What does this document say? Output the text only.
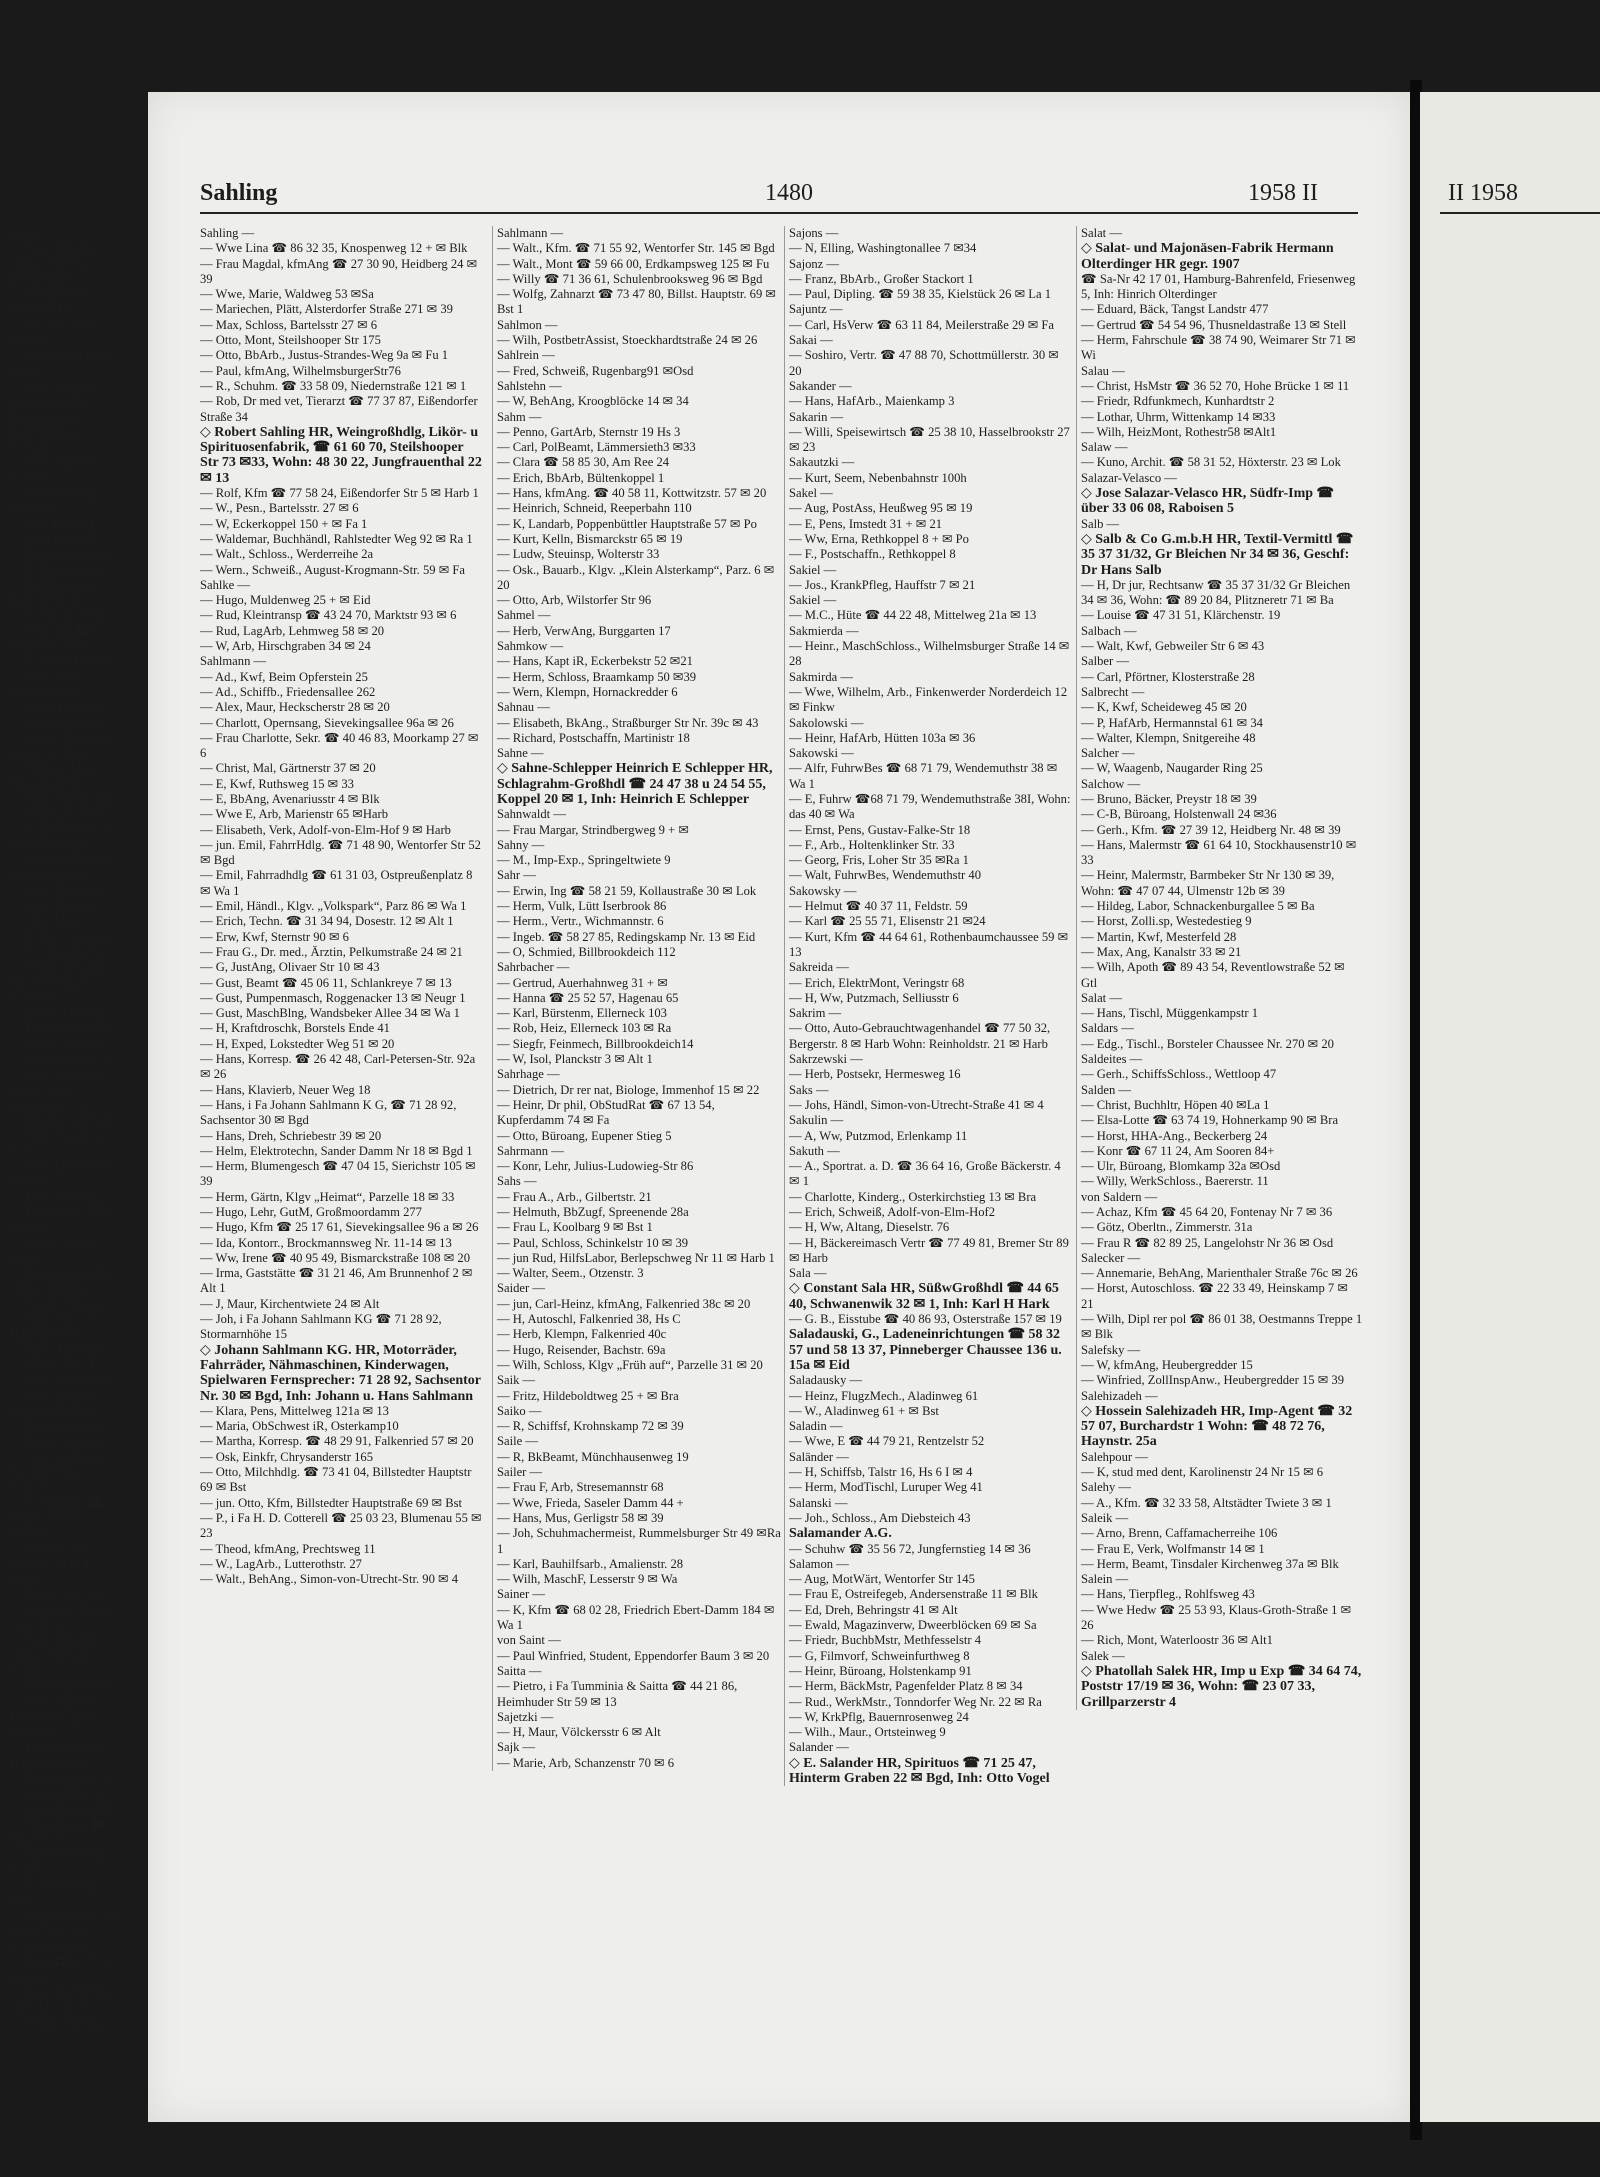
Sahling	1480	1958 II	II 1958
Sahling —
— Wwe Lina ☎ 86 32 35, Knospenweg 12 + ✉ Blk
— Frau Magdal, kfmAng ☎ 27 30 90, Heidberg 24 ✉ 39
— Wwe, Marie, Waldweg 53 ✉Sa
— Mariechen, Plätt, Alsterdorfer Straße 271 ✉ 39
— Max, Schloss, Bartelsstr 27 ✉ 6
— Otto, Mont, Steilshooper Str 175
— Otto, BbArb., Justus-Strandes-Weg 9a ✉ Fu 1
— Paul, kfmAng, WilhelmsburgerStr76
— R., Schuhm. ☎ 33 58 09, Niedernstraße 121 ✉ 1
— Rob, Dr med vet, Tierarzt ☎ 77 37 87, Eißendorfer Straße 34
◇ Robert Sahling HR, Weingroßhdlg, Likör- u Spirituosenfabrik, ☎ 61 60 70, Steilshooper Str 73 ✉33, Wohn: 48 30 22, Jungfrauenthal 22 ✉ 13
— Rolf, Kfm ☎ 77 58 24, Eißendorfer Str 5 ✉ Harb 1
— W., Pesn., Bartelsstr. 27 ✉ 6
— W, Eckerkoppel 150 + ✉ Fa 1
— Waldemar, Buchhändl, Rahlstedter Weg 92 ✉ Ra 1
— Walt., Schloss., Werderreihe 2a
— Wern., Schweiß., August-Krogmann-Str. 59 ✉ Fa
Sahlke —
— Hugo, Muldenweg 25 + ✉ Eid
— Rud, Kleintransp ☎ 43 24 70, Marktstr 93 ✉ 6
— Rud, LagArb, Lehmweg 58 ✉ 20
— W, Arb, Hirschgraben 34 ✉ 24
Sahlmann —
— Ad., Kwf, Beim Opferstein 25
— Ad., Schiffb., Friedensallee 262
— Alex, Maur, Heckscherstr 28 ✉ 20
— Charlott, Opernsang, Sievekingsallee 96a ✉ 26
— Frau Charlotte, Sekr. ☎ 40 46 83, Moorkamp 27 ✉ 6
— Christ, Mal, Gärtnerstr 37 ✉ 20
— E, Kwf, Ruthsweg 15 ✉ 33
— E, BbAng, Avenariusstr 4 ✉ Blk
— Wwe E, Arb, Marienstr 65 ✉Harb
— Elisabeth, Verk, Adolf-von-Elm-Hof 9 ✉ Harb
— jun. Emil, FahrrHdlg. ☎ 71 48 90, Wentorfer Str 52 ✉ Bgd
— Emil, Fahrradhdlg ☎ 61 31 03, Ostpreußenplatz 8 ✉ Wa 1
— Emil, Händl., Klgv. „Volkspark“, Parz 86 ✉ Wa 1
— Erich, Techn. ☎ 31 34 94, Dosestr. 12 ✉ Alt 1
— Erw, Kwf, Sternstr 90 ✉ 6
— Frau G., Dr. med., Ärztin, Pelkumstraße 24 ✉ 21
— G, JustAng, Olivaer Str 10 ✉ 43
— Gust, Beamt ☎ 45 06 11, Schlankreye 7 ✉ 13
— Gust, Pumpenmasch, Roggenacker 13 ✉ Neugr 1
— Gust, MaschBlng, Wandsbeker Allee 34 ✉ Wa 1
— H, Kraftdroschk, Borstels Ende 41
— H, Exped, Lokstedter Weg 51 ✉ 20
— Hans, Korresp. ☎ 26 42 48, Carl-Petersen-Str. 92a ✉ 26
— Hans, Klavierb, Neuer Weg 18
— Hans, i Fa Johann Sahlmann K G, ☎ 71 28 92, Sachsentor 30 ✉ Bgd
— Hans, Dreh, Schriebestr 39 ✉ 20
— Helm, Elektrotechn, Sander Damm Nr 18 ✉ Bgd 1
— Herm, Blumengesch ☎ 47 04 15, Sierichstr 105 ✉ 39
— Herm, Gärtn, Klgv „Heimat“, Parzelle 18 ✉ 33
— Hugo, Lehr, GutM, Großmoordamm 277
— Hugo, Kfm ☎ 25 17 61, Sievekingsallee 96 a ✉ 26
— Ida, Kontorr., Brockmannsweg Nr. 11-14 ✉ 13
— Ww, Irene ☎ 40 95 49, Bismarckstraße 108 ✉ 20
— Irma, Gaststätte ☎ 31 21 46, Am Brunnenhof 2 ✉ Alt 1
— J, Maur, Kirchentwiete 24 ✉ Alt
— Joh, i Fa Johann Sahlmann KG ☎ 71 28 92, Stormarnhöhe 15
◇ Johann Sahlmann KG. HR, Motorräder, Fahrräder, Nähmaschinen, Kinderwagen, Spielwaren Fernsprecher: 71 28 92, Sachsentor Nr. 30 ✉ Bgd, Inh: Johann u. Hans Sahlmann
— Klara, Pens, Mittelweg 121a ✉ 13
— Maria, ObSchwest iR, Osterkamp10
— Martha, Korresp. ☎ 48 29 91, Falkenried 57 ✉ 20
— Osk, Einkfr, Chrysanderstr 165
— Otto, Milchhdlg. ☎ 73 41 04, Billstedter Hauptstr 69 ✉ Bst
— jun. Otto, Kfm, Billstedter Hauptstraße 69 ✉ Bst
— P., i Fa H. D. Cotterell ☎ 25 03 23, Blumenau 55 ✉ 23
— Theod, kfmAng, Prechtsweg 11
— W., LagArb., Lutterothstr. 27
— Walt., BehAng., Simon-von-Utrecht-Str. 90 ✉ 4
Sahlmann —
— Walt., Kfm. ☎ 71 55 92, Wentorfer Str. 145 ✉ Bgd
— Walt., Mont ☎ 59 66 00, Erdkampsweg 125 ✉ Fu
— Willy ☎ 71 36 61, Schulenbrooksweg 96 ✉ Bgd
— Wolfg, Zahnarzt ☎ 73 47 80, Billst. Hauptstr. 69 ✉ Bst 1
Sahlmon —
— Wilh, PostbetrAssist, Stoeckhardtstraße 24 ✉ 26
Sahlrein —
— Fred, Schweiß, Rugenbarg91 ✉Osd
Sahlstehn —
— W, BehAng, Kroogblöcke 14 ✉ 34
Sahm —
— Penno, GartArb, Sternstr 19 Hs 3
— Carl, PolBeamt, Lämmersieth3 ✉33
— Clara ☎ 58 85 30, Am Ree 24
— Erich, BbArb, Bültenkoppel 1
— Hans, kfmAng. ☎ 40 58 11, Kottwitzstr. 57 ✉ 20
— Heinrich, Schneid, Reeperbahn 110
— K, Landarb, Poppenbüttler Hauptstraße 57 ✉ Po
— Kurt, Kelln, Bismarckstr 65 ✉ 19
— Ludw, Steuinsp, Wolterstr 33
— Osk., Bauarb., Klgv. „Klein Alsterkamp“, Parz. 6 ✉ 20
— Otto, Arb, Wilstorfer Str 96
Sahmel —
— Herb, VerwAng, Burggarten 17
Sahmkow —
— Hans, Kapt iR, Eckerbekstr 52 ✉21
— Herm, Schloss, Braamkamp 50 ✉39
— Wern, Klempn, Hornackredder 6
Sahnau —
— Elisabeth, BkAng., Straßburger Str Nr. 39c ✉ 43
— Richard, Postschaffn, Martinistr 18
Sahne —
◇ Sahne-Schlepper Heinrich E Schlepper HR, Schlagrahm-Großhdl ☎ 24 47 38 u 24 54 55, Koppel 20 ✉ 1, Inh: Heinrich E Schlepper
Sahnwaldt —
— Frau Margar, Strindbergweg 9 + ✉
Sahny —
— M., Imp-Exp., Springeltwiete 9
Sahr —
— Erwin, Ing ☎ 58 21 59, Kollaustraße 30 ✉ Lok
— Herm, Vulk, Lütt Iserbrook 86
— Herm., Vertr., Wichmannstr. 6
— Ingeb. ☎ 58 27 85, Redingskamp Nr. 13 ✉ Eid
— O, Schmied, Billbrookdeich 112
Sahrbacher —
— Gertrud, Auerhahnweg 31 + ✉
— Hanna ☎ 25 52 57, Hagenau 65
— Karl, Bürstenm, Ellerneck 103
— Rob, Heiz, Ellerneck 103 ✉ Ra
— Siegfr, Feinmech, Billbrookdeich14
— W, Isol, Planckstr 3 ✉ Alt 1
Sahrhage —
— Dietrich, Dr rer nat, Biologe, Immenhof 15 ✉ 22
— Heinr, Dr phil, ObStudRat ☎ 67 13 54, Kupferdamm 74 ✉ Fa
— Otto, Büroang, Eupener Stieg 5
Sahrmann —
— Konr, Lehr, Julius-Ludowieg-Str 86
Sahs —
— Frau A., Arb., Gilbertstr. 21
— Helmuth, BbZugf, Spreenende 28a
— Frau L, Koolbarg 9 ✉ Bst 1
— Paul, Schloss, Schinkelstr 10 ✉ 39
— jun Rud, HilfsLabor, Berlepschweg Nr 11 ✉ Harb 1
— Walter, Seem., Otzenstr. 3
Saider —
— jun, Carl-Heinz, kfmAng, Falkenried 38c ✉ 20
— H, Autoschl, Falkenried 38, Hs C
— Herb, Klempn, Falkenried 40c
— Hugo, Reisender, Bachstr. 69a
— Wilh, Schloss, Klgv „Früh auf“, Parzelle 31 ✉ 20
Saik —
— Fritz, Hildeboldtweg 25 + ✉ Bra
Saiko —
— R, Schiffsf, Krohnskamp 72 ✉ 39
Saile —
— R, BkBeamt, Münchhausenweg 19
Sailer —
— Frau F, Arb, Stresemannstr 68
— Wwe, Frieda, Saseler Damm 44 +
— Hans, Mus, Gerligstr 58 ✉ 39
— Joh, Schuhmachermeist, Rummelsburger Str 49 ✉Ra 1
— Karl, Bauhilfsarb., Amalienstr. 28
— Wilh, MaschF, Lesserstr 9 ✉ Wa
Sainer —
— K, Kfm ☎ 68 02 28, Friedrich Ebert-Damm 184 ✉ Wa 1
von Saint —
— Paul Winfried, Student, Eppendorfer Baum 3 ✉ 20
Saitta —
— Pietro, i Fa Tumminia & Saitta ☎ 44 21 86, Heimhuder Str 59 ✉ 13
Sajetzki —
— H, Maur, Völckersstr 6 ✉ Alt
Sajk —
— Marie, Arb, Schanzenstr 70 ✉ 6
Sajons —
— N, Elling, Washingtonallee 7 ✉34
Sajonz —
— Franz, BbArb., Großer Stackort 1
— Paul, Dipling. ☎ 59 38 35, Kielstück 26 ✉ La 1
Sajuntz —
— Carl, HsVerw ☎ 63 11 84, Meilerstraße 29 ✉ Fa
Sakai —
— Soshiro, Vertr. ☎ 47 88 70, Schottmüllerstr. 30 ✉ 20
Sakander —
— Hans, HafArb., Maienkamp 3
Sakarin —
— Willi, Speisewirtsch ☎ 25 38 10, Hasselbrookstr 27 ✉ 23
Sakautzki —
— Kurt, Seem, Nebenbahnstr 100h
Sakel —
— Aug, PostAss, Heußweg 95 ✉ 19
— E, Pens, Imstedt 31 + ✉ 21
— Ww, Erna, Rethkoppel 8 + ✉ Po
— F., Postschaffn., Rethkoppel 8
Sakiel —
— Jos., KrankPfleg, Hauffstr 7 ✉ 21
Sakiel —
— M.C., Hüte ☎ 44 22 48, Mittelweg 21a ✉ 13
Sakmierda —
— Heinr., MaschSchloss., Wilhelmsburger Straße 14 ✉ 28
Sakmirda —
— Wwe, Wilhelm, Arb., Finkenwerder Norderdeich 12 ✉ Finkw
Sakolowski —
— Heinr, HafArb, Hütten 103a ✉ 36
Sakowski —
— Alfr, FuhrwBes ☎ 68 71 79, Wendemuthstr 38 ✉ Wa 1
— E, Fuhrw ☎68 71 79, Wendemuthstraße 38I, Wohn: das 40 ✉ Wa
— Ernst, Pens, Gustav-Falke-Str 18
— F., Arb., Holtenklinker Str. 33
— Georg, Fris, Loher Str 35 ✉Ra 1
— Walt, FuhrwBes, Wendemuthstr 40
Sakowsky —
— Helmut ☎ 40 37 11, Feldstr. 59
— Karl ☎ 25 55 71, Elisenstr 21 ✉24
— Kurt, Kfm ☎ 44 64 61, Rothenbaumchaussee 59 ✉ 13
Sakreida —
— Erich, ElektrMont, Veringstr 68
— H, Ww, Putzmach, Selliusstr 6
Sakrim —
— Otto, Auto-Gebrauchtwagenhandel ☎ 77 50 32, Bergerstr. 8 ✉ Harb Wohn: Reinholdstr. 21 ✉ Harb
Sakrzewski —
— Herb, Postsekr, Hermesweg 16
Saks —
— Johs, Händl, Simon-von-Utrecht-Straße 41 ✉ 4
Sakulin —
— A, Ww, Putzmod, Erlenkamp 11
Sakuth —
— A., Sportrat. a. D. ☎ 36 64 16, Große Bäckerstr. 4 ✉ 1
— Charlotte, Kinderg., Osterkirchstieg 13 ✉ Bra
— Erich, Schweiß, Adolf-von-Elm-Hof2
— H, Ww, Altang, Dieselstr. 76
— H, Bäckereimasch Vertr ☎ 77 49 81, Bremer Str 89 ✉ Harb
Sala —
◇ Constant Sala HR, SüßwGroßhdl ☎ 44 65 40, Schwanenwik 32 ✉ 1, Inh: Karl H Hark
— G. B., Eisstube ☎ 40 86 93, Osterstraße 157 ✉ 19
Saladauski, G., Ladeneinrichtungen ☎ 58 32 57 und 58 13 37, Pinneberger Chaussee 136 u. 15a ✉ Eid
Saladausky —
— Heinz, FlugzMech., Aladinweg 61
— W., Aladinweg 61 + ✉ Bst
Saladin —
— Wwe, E ☎ 44 79 21, Rentzelstr 52
Saländer —
— H, Schiffsb, Talstr 16, Hs 6 I ✉ 4
— Herm, ModTischl, Luruper Weg 41
Salanski —
— Joh., Schloss., Am Diebsteich 43
Salamander A.G.
— Schuhw ☎ 35 56 72, Jungfernstieg 14 ✉ 36
Salamon —
— Aug, MotWärt, Wentorfer Str 145
— Frau E, Ostreifegeb, Andersenstraße 11 ✉ Blk
— Ed, Dreh, Behringstr 41 ✉ Alt
— Ewald, Magazinverw, Dweerblöcken 69 ✉ Sa
— Friedr, BuchbMstr, Methfesselstr 4
— G, Filmvorf, Schweinfurthweg 8
— Heinr, Büroang, Holstenkamp 91
— Herm, BäckMstr, Pagenfelder Platz 8 ✉ 34
— Rud., WerkMstr., Tonndorfer Weg Nr. 22 ✉ Ra
— W, KrkPflg, Bauernrosenweg 24
— Wilh., Maur., Ortsteinweg 9
Salander —
◇ E. Salander HR, Spirituos ☎ 71 25 47, Hinterm Graben 22 ✉ Bgd, Inh: Otto Vogel
Salat —
◇ Salat- und Majonäsen-Fabrik Hermann Olterdinger HR gegr. 1907
☎ Sa-Nr 42 17 01, Hamburg-Bahrenfeld, Friesenweg 5, Inh: Hinrich Olterdinger
— Eduard, Bäck, Tangst Landstr 477
— Gertrud ☎ 54 54 96, Thusneldastraße 13 ✉ Stell
— Herm, Fahrschule ☎ 38 74 90, Weimarer Str 71 ✉ Wi
Salau —
— Christ, HsMstr ☎ 36 52 70, Hohe Brücke 1 ✉ 11
— Friedr, Rdfunkmech, Kunhardtstr 2
— Lothar, Uhrm, Wittenkamp 14 ✉33
— Wilh, HeizMont, Rothestr58 ✉Alt1
Salaw —
— Kuno, Archit. ☎ 58 31 52, Höxterstr. 23 ✉ Lok
Salazar-Velasco —
◇ Jose Salazar-Velasco HR, Südfr-Imp ☎ über 33 06 08, Raboisen 5
Salb —
◇ Salb & Co G.m.b.H HR, Textil-Vermittl ☎ 35 37 31/32, Gr Bleichen Nr 34 ✉ 36, Geschf: Dr Hans Salb
— H, Dr jur, Rechtsanw ☎ 35 37 31/32 Gr Bleichen 34 ✉ 36, Wohn: ☎ 89 20 84, Plitzneretr 71 ✉ Ba
— Louise ☎ 47 31 51, Klärchenstr. 19
Salbach —
— Walt, Kwf, Gebweiler Str 6 ✉ 43
Salber —
— Carl, Pförtner, Klosterstraße 28
Salbrecht —
— K, Kwf, Scheideweg 45 ✉ 20
— P, HafArb, Hermannstal 61 ✉ 34
— Walter, Klempn, Snitgereihe 48
Salcher —
— W, Waagenb, Naugarder Ring 25
Salchow —
— Bruno, Bäcker, Preystr 18 ✉ 39
— C-B, Büroang, Holstenwall 24 ✉36
— Gerh., Kfm. ☎ 27 39 12, Heidberg Nr. 48 ✉ 39
— Hans, Malermstr ☎ 61 64 10, Stockhausenstr10 ✉ 33
— Heinr, Malermstr, Barmbeker Str Nr 130 ✉ 39, Wohn: ☎ 47 07 44, Ulmenstr 12b ✉ 39
— Hildeg, Labor, Schnackenburgallee 5 ✉ Ba
— Horst, Zolli.sp, Westedestieg 9
— Martin, Kwf, Mesterfeld 28
— Max, Ang, Kanalstr 33 ✉ 21
— Wilh, Apoth ☎ 89 43 54, Reventlowstraße 52 ✉ Gtl
Salat —
— Hans, Tischl, Müggenkampstr 1
Saldars —
— Edg., Tischl., Borsteler Chaussee Nr. 270 ✉ 20
Saldeites —
— Gerh., SchiffsSchloss., Wettloop 47
Salden —
— Christ, Buchhltr, Höpen 40 ✉La 1
— Elsa-Lotte ☎ 63 74 19, Hohnerkamp 90 ✉ Bra
— Horst, HHA-Ang., Beckerberg 24
— Konr ☎ 67 11 24, Am Sooren 84+
— Ulr, Büroang, Blomkamp 32a ✉Osd
— Willy, WerkSchloss., Baererstr. 11
von Saldern —
— Achaz, Kfm ☎ 45 64 20, Fontenay Nr 7 ✉ 36
— Götz, Oberltn., Zimmerstr. 31a
— Frau R ☎ 82 89 25, Langelohstr Nr 36 ✉ Osd
Salecker —
— Annemarie, BehAng, Marienthaler Straße 76c ✉ 26
— Horst, Autoschloss. ☎ 22 33 49, Heinskamp 7 ✉ 21
— Wilh, Dipl rer pol ☎ 86 01 38, Oestmanns Treppe 1 ✉ Blk
Salefsky —
— W, kfmAng, Heubergredder 15
— Winfried, ZollInspAnw., Heubergredder 15 ✉ 39
Salehizadeh —
◇ Hossein Salehizadeh HR, Imp-Agent ☎ 32 57 07, Burchardstr 1 Wohn: ☎ 48 72 76, Haynstr. 25a
Salehpour —
— K, stud med dent, Karolinenstr 24 Nr 15 ✉ 6
Salehy —
— A., Kfm. ☎ 32 33 58, Altstädter Twiete 3 ✉ 1
Saleik —
— Arno, Brenn, Caffamacherreihe 106
— Frau E, Verk, Wolfmanstr 14 ✉ 1
— Herm, Beamt, Tinsdaler Kirchenweg 37a ✉ Blk
Salein —
— Hans, Tierpfleg., Rohlfsweg 43
— Wwe Hedw ☎ 25 53 93, Klaus-Groth-Straße 1 ✉ 26
— Rich, Mont, Waterloostr 36 ✉ Alt1
Salek —
◇ Phatollah Salek HR, Imp u Exp ☎ 34 64 74, Poststr 17/19 ✉ 36, Wohn: ☎ 23 07 33, Grillparzerstr 4
Salen —
— Fritz, kfmAng
straße 17 ✉ Fu
de Salengre —
— Helm, Kurzw,
✉ 20, Wohn:
— W., Zim., Sprü
Salenz —
— Walter, LokHeiz
Sales —
◇ Sales Affiliates
ges.m.b.H. HR
Dorotheenstr.
Karl H. Beiser
Salesch —
— Paul, Rammer,
Saletzky —
— H, Schiffsing,
Salewski —
— Alfr, Büroang,
— Aug, Kwf, Kl
— Emil, MaschBau
— F, Heiz, Hopfen
— Fr, Maur, Kgv
Parz 657 ✉ 34
— Fr, Buchh, Flam
— Fritz, Ing ☎
Straße 91 ✉ Br
— G, Koch, Geibel
— Gust., Kfm.
straße 8 ✉ 26
— Hans, Baumstr
— Heinz, kfmAng,
— Heinz, MaschSch
Straße 11 ✉ Bg
— Helmut, Maur,
Weg 28b ✉ Bs
— Hern, BbArb.Bei
— Hildeg, Arb, Ke
— K, ElektrMstr, W
Nr 108 ✉ Bgd
— Klaus-P., Mitarb
Sievekingdamm
— Kurt, Bauarb, T
— Otto, Bauhdw,
— Otto, Mont.,
— R, Kwf, Spiering
— W., Bauarb., Se
— Walth., RegAmt
Nr. 195 ✉ Harb
Salewsky —
— Bernd, kfmAng,
— Ernst, Beamt, H
— Georg, Klempn
— Horst, Krkpfl., S
— Kurt, Miet-Was
straße 104 ✉
beckstraße 112
— Martha, VerkSch
— Wilh, Vorarb, A
Saley —
— Otto, Elektr, Olf
Salfeld —
— Frl E, kfmAng,
— Erich, Prok, Oste
Salgado —
— Agnes, Stepp,
Salge —
— Erich, Fischhdlg.
stedter Bahnhofs
— Günth., Hd.sVe
— Hans, Arb., H
Hagenau 84 ✉
— Hans, BkAng, K
— Heinz, Ang, T
— Otto, Pens, Gart
— Otto, Drogerie
fesselstr 78, Woh
— Polly, kfmAng,
— Reinh, kfmAng,
— Walt., StaBeamt
Nr. 188 ✉ Wa
Salhofer —
— B, MalMstr ☎
weg 32 ✉ 13
Salhovic —
— Gertrud, Arb
mer-Str. 44 ✉ 4
Salig —
— Elvira, Arb., Ru
— Henriette, Bügle
Nr 31 ✉ 20
— Walt, kfmAng
straße 23 ✉ 20
Saling —
— Heinrich, Meleris
— Paul, Kapt iR
Doktorberg 22 ✉
Salinger —
— Ernst, DiplKfm
Hanssensweg 5
— Franz, Brauer, N
— G., Buchhltr., St
— Heim, Tischl, Mi
— Wwe, Klara ☎
Nr 25 ✉ 13
— Rudolf, ObLehr,
Salins —
— J, Vermessing,
Salis —
— Rud, Schlacht, Al
Parz 179 ✉ 34
v. Salis-Soglio —
— Edg. ☎ 27 73 13
Salisch —
— Aug, ObZollSekr
allee 14 b ✉ 13
— Eberh., Schloss.,
